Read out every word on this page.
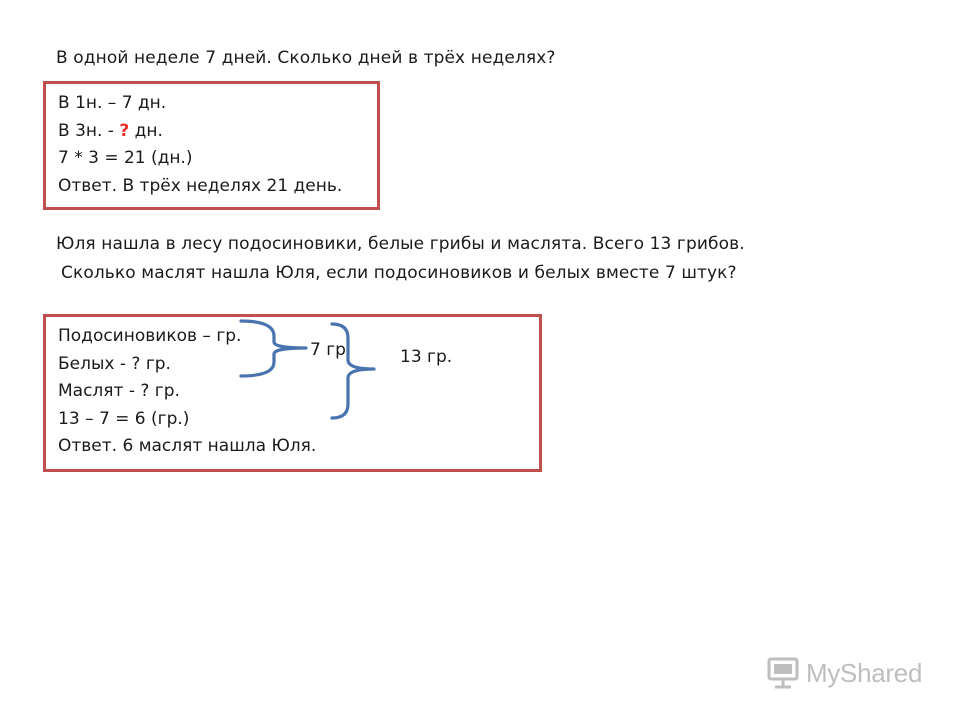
В одной неделе 7 дней. Сколько дней в трёх неделях?
В 1н. – 7 дн.
В 3н. - ? дн.
7 * 3 = 21 (дн.)
Ответ. В трёх неделях 21 день.
Юля нашла в лесу подосиновики, белые грибы и маслята. Всего 13 грибов.
Сколько маслят нашла Юля, если подосиновиков и белых вместе 7 штук?
Подосиновиков – гр.
Белых - ? гр.
Маслят - ? гр.
13 – 7 = 6 (гр.)
Ответ. 6 маслят нашла Юля.
7 гр	13 гр.
MyShared
